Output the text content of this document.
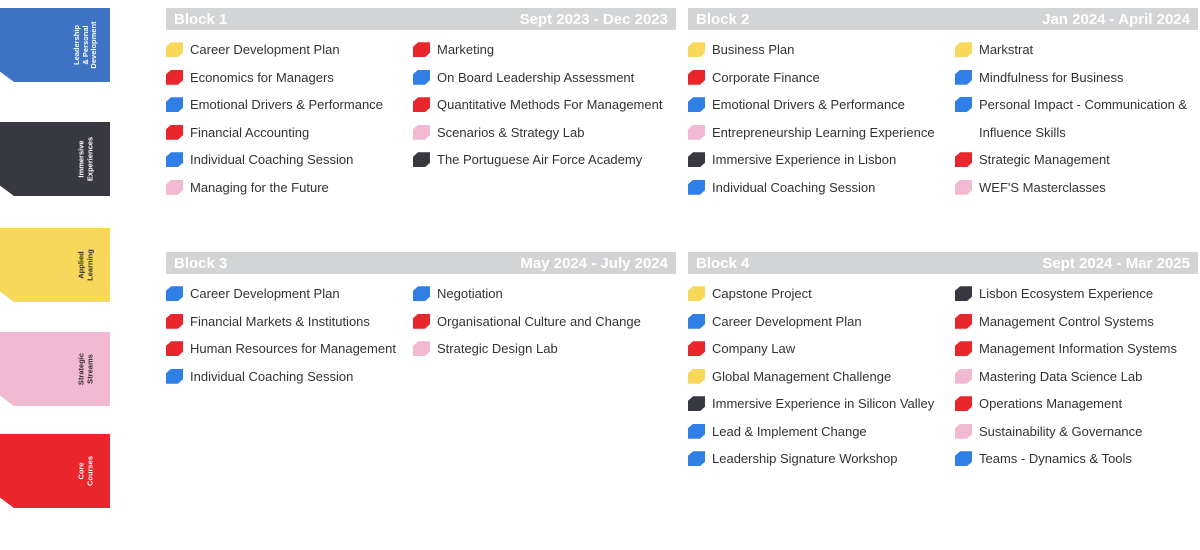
Leadership
& Personal
Development
Immersive
Experiences
Applied
Learning
Strategic
Streams
Core
Courses
Block 1	Sept 2023 - Dec 2023
Career Development Plan
Economics for Managers
Emotional Drivers & Performance
Financial Accounting
Individual Coaching Session
Managing for the Future
Marketing
On Board Leadership Assessment
Quantitative Methods For Management
Scenarios & Strategy Lab
The Portuguese Air Force Academy
Block 2	Jan 2024 - April 2024
Business Plan
Corporate Finance
Emotional Drivers & Performance
Entrepreneurship Learning Experience
Immersive Experience in Lisbon
Individual Coaching Session
Markstrat
Mindfulness for Business
Personal Impact - Communication & Influence Skills
Strategic Management
WEF'S Masterclasses
Block 3	May 2024 - July 2024
Career Development Plan
Financial Markets & Institutions
Human Resources for Management
Individual Coaching Session
Negotiation
Organisational Culture and Change
Strategic Design Lab
Block 4	Sept 2024 - Mar 2025
Capstone Project
Career Development Plan
Company Law
Global Management Challenge
Immersive Experience in Silicon Valley
Lead & Implement Change
Leadership Signature Workshop
Lisbon Ecosystem Experience
Management Control Systems
Management Information Systems
Mastering Data Science Lab
Operations Management
Sustainability & Governance
Teams - Dynamics & Tools
